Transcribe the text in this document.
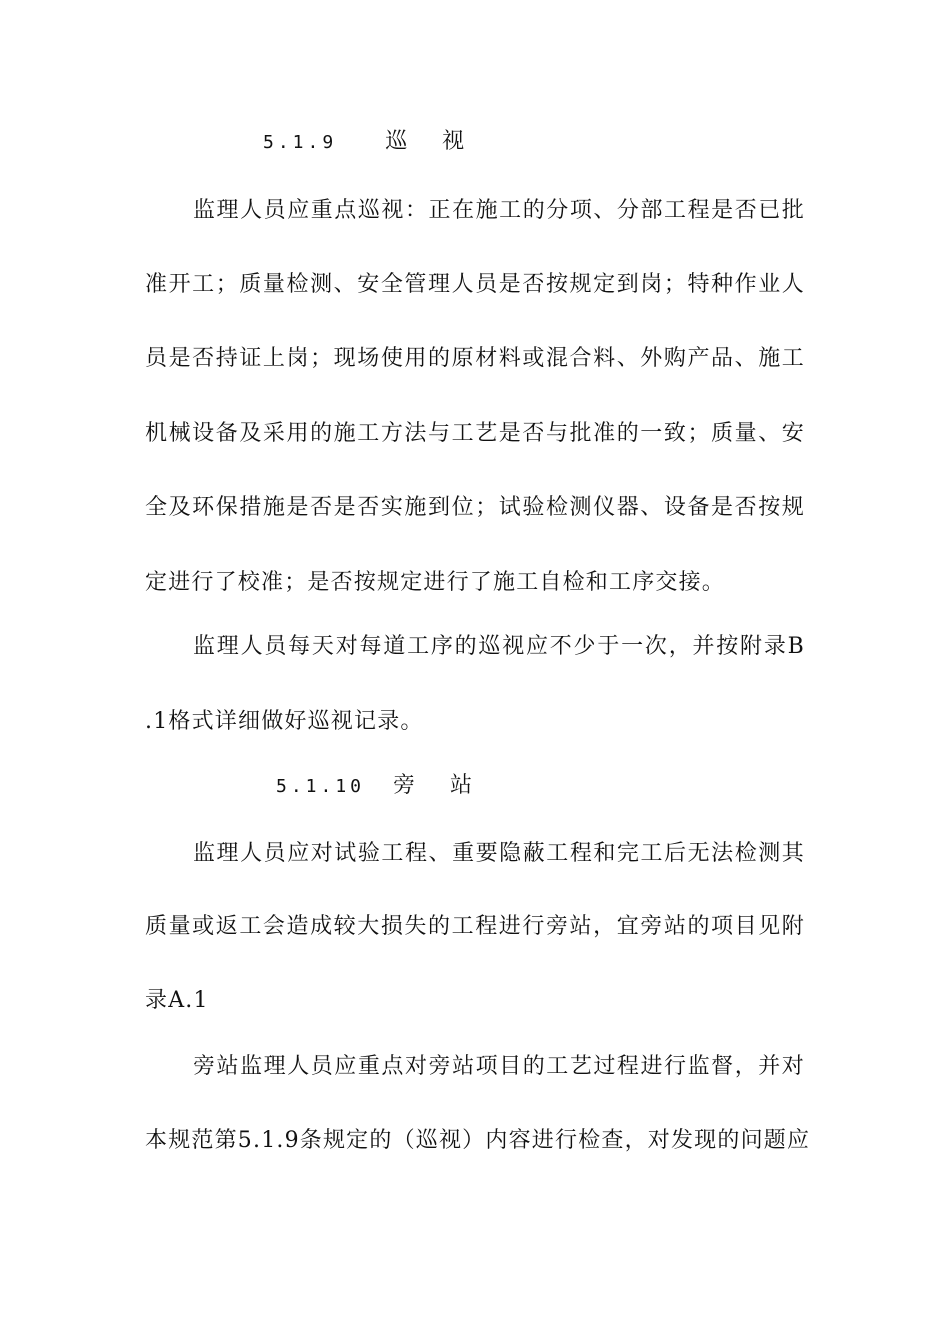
5.1.9 巡 视
监理人员应重点巡视：正在施工的分项、分部工程是否已批
准开工；质量检测、安全管理人员是否按规定到岗；特种作业人
员是否持证上岗；现场使用的原材料或混合料、外购产品、施工
机械设备及采用的施工方法与工艺是否与批准的一致；质量、安
全及环保措施是否是否实施到位；试验检测仪器、设备是否按规
定进行了校准；是否按规定进行了施工自检和工序交接。
监理人员每天对每道工序的巡视应不少于一次，并按附录B
.1格式详细做好巡视记录。
5.1.10 旁 站
监理人员应对试验工程、重要隐蔽工程和完工后无法检测其
质量或返工会造成较大损失的工程进行旁站，宜旁站的项目见附
录A.1
旁站监理人员应重点对旁站项目的工艺过程进行监督，并对
本规范第5.1.9条规定的（巡视）内容进行检查，对发现的问题应
